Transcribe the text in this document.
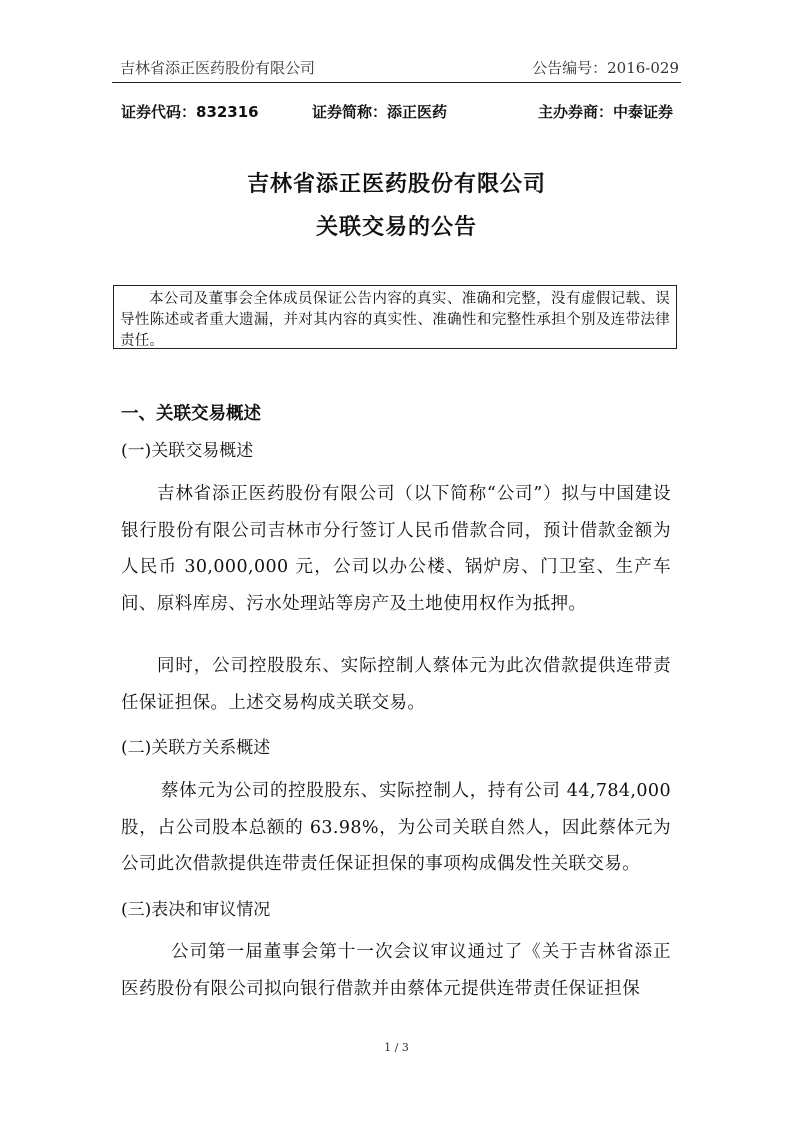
吉林省添正医药股份有限公司	公告编号：2016-029
证券代码：832316	证券简称：添正医药	主办券商：中泰证券
吉林省添正医药股份有限公司
关联交易的公告
本公司及董事会全体成员保证公告内容的真实、准确和完整，没有虚假记载、误导性陈述或者重大遗漏，并对其内容的真实性、准确性和完整性承担个别及连带法律责任。
一、关联交易概述
(一)关联交易概述
吉林省添正医药股份有限公司（以下简称“公司”）拟与中国建设银行股份有限公司吉林市分行签订人民币借款合同，预计借款金额为人民币 30,000,000 元，公司以办公楼、锅炉房、门卫室、生产车间、原料库房、污水处理站等房产及土地使用权作为抵押。
同时，公司控股股东、实际控制人蔡体元为此次借款提供连带责任保证担保。上述交易构成关联交易。
(二)关联方关系概述
蔡体元为公司的控股股东、实际控制人，持有公司 44,784,000 股，占公司股本总额的 63.98%，为公司关联自然人，因此蔡体元为公司此次借款提供连带责任保证担保的事项构成偶发性关联交易。
(三)表决和审议情况
公司第一届董事会第十一次会议审议通过了《关于吉林省添正医药股份有限公司拟向银行借款并由蔡体元提供连带责任保证担保
1 / 3
